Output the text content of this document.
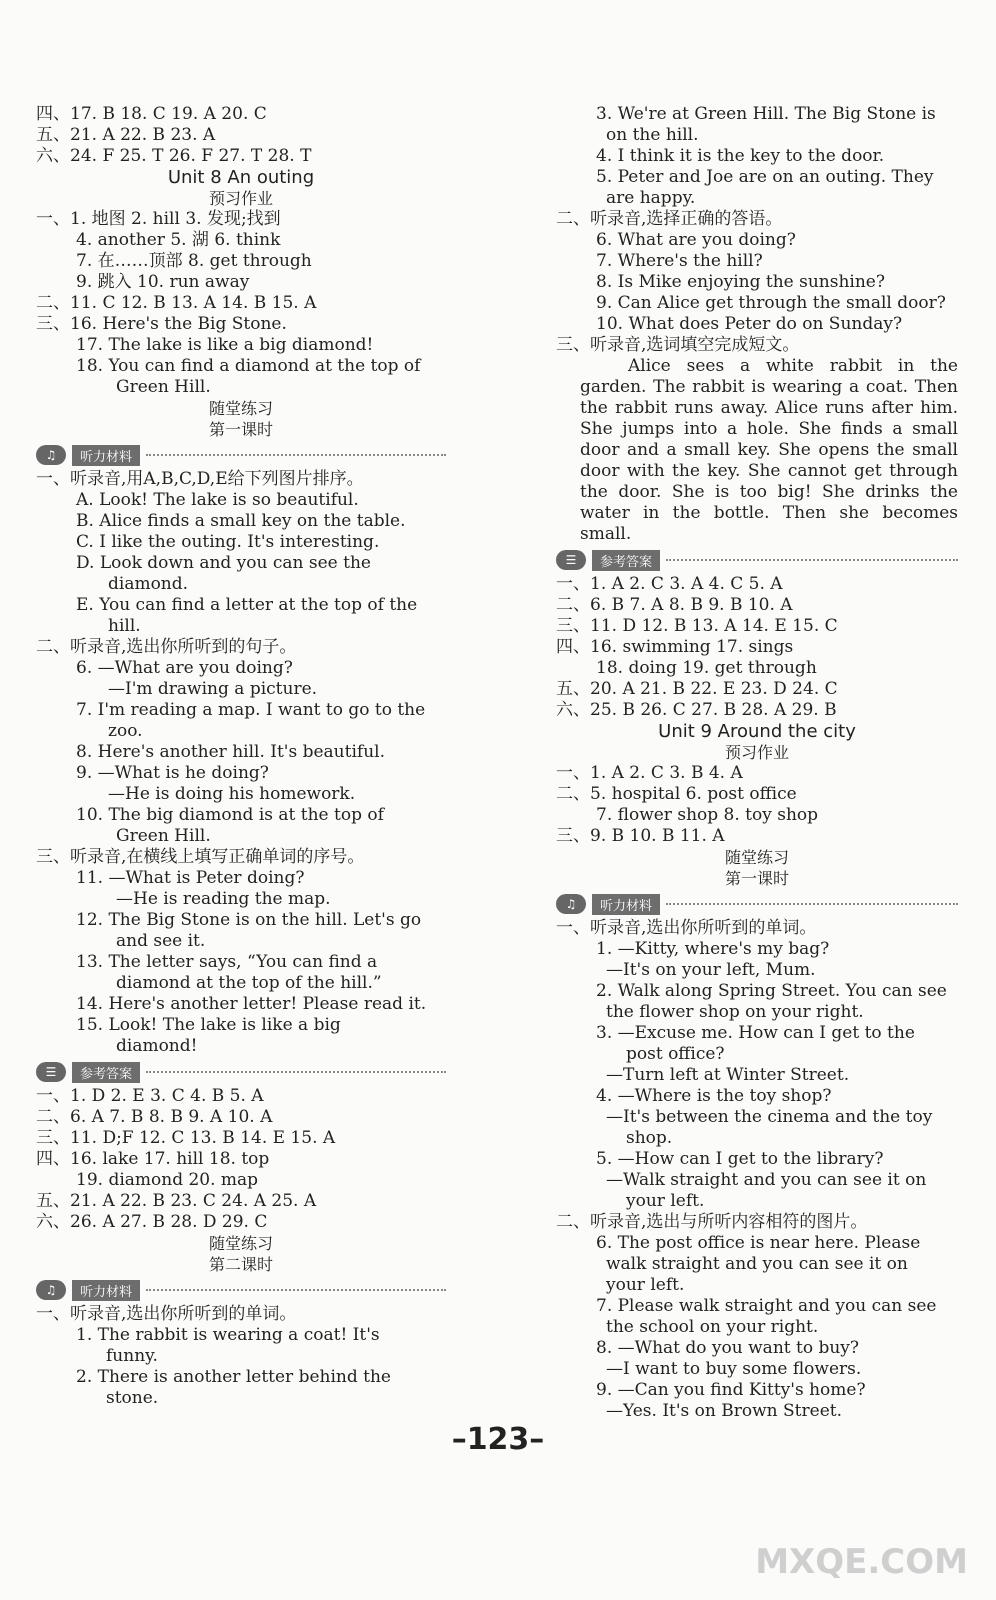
四、17. B 18. C 19. A 20. C
五、21. A 22. B 23. A
六、24. F 25. T 26. F 27. T 28. T
Unit 8 An outing
预习作业
一、1. 地图 2. hill 3. 发现;找到
4. another 5. 湖 6. think
7. 在……顶部 8. get through
9. 跳入 10. run away
二、11. C 12. B 13. A 14. B 15. A
三、16. Here's the Big Stone.
17. The lake is like a big diamond!
18. You can find a diamond at the top of
Green Hill.
随堂练习
第一课时
♫	听力材料
一、听录音,用A,B,C,D,E给下列图片排序。
A. Look! The lake is so beautiful.
B. Alice finds a small key on the table.
C. I like the outing. It's interesting.
D. Look down and you can see the
diamond.
E. You can find a letter at the top of the
hill.
二、听录音,选出你所听到的句子。
6. —What are you doing?
—I'm drawing a picture.
7. I'm reading a map. I want to go to the
zoo.
8. Here's another hill. It's beautiful.
9. —What is he doing?
—He is doing his homework.
10. The big diamond is at the top of
Green Hill.
三、听录音,在横线上填写正确单词的序号。
11. —What is Peter doing?
—He is reading the map.
12. The Big Stone is on the hill. Let's go
and see it.
13. The letter says, “You can find a
diamond at the top of the hill.”
14. Here's another letter! Please read it.
15. Look! The lake is like a big
diamond!
☰	参考答案
一、1. D 2. E 3. C 4. B 5. A
二、6. A 7. B 8. B 9. A 10. A
三、11. D;F 12. C 13. B 14. E 15. A
四、16. lake 17. hill 18. top
19. diamond 20. map
五、21. A 22. B 23. C 24. A 25. A
六、26. A 27. B 28. D 29. C
随堂练习
第二课时
♫	听力材料
一、听录音,选出你所听到的单词。
1. The rabbit is wearing a coat! It's
funny.
2. There is another letter behind the
stone.
3. We're at Green Hill. The Big Stone is
on the hill.
4. I think it is the key to the door.
5. Peter and Joe are on an outing. They
are happy.
二、听录音,选择正确的答语。
6. What are you doing?
7. Where's the hill?
8. Is Mike enjoying the sunshine?
9. Can Alice get through the small door?
10. What does Peter do on Sunday?
三、听录音,选词填空完成短文。
Alice sees a white rabbit in the garden. The rabbit is wearing a coat. Then the rabbit runs away. Alice runs after him. She jumps into a hole. She finds a small door and a small key. She opens the small door with the key. She cannot get through the door. She is too big! She drinks the water in the bottle. Then she becomes small.
☰	参考答案
一、1. A 2. C 3. A 4. C 5. A
二、6. B 7. A 8. B 9. B 10. A
三、11. D 12. B 13. A 14. E 15. C
四、16. swimming 17. sings
18. doing 19. get through
五、20. A 21. B 22. E 23. D 24. C
六、25. B 26. C 27. B 28. A 29. B
Unit 9 Around the city
预习作业
一、1. A 2. C 3. B 4. A
二、5. hospital 6. post office
7. flower shop 8. toy shop
三、9. B 10. B 11. A
随堂练习
第一课时
♫	听力材料
一、听录音,选出你所听到的单词。
1. —Kitty, where's my bag?
—It's on your left, Mum.
2. Walk along Spring Street. You can see
the flower shop on your right.
3. —Excuse me. How can I get to the
post office?
—Turn left at Winter Street.
4. —Where is the toy shop?
—It's between the cinema and the toy
shop.
5. —How can I get to the library?
—Walk straight and you can see it on
your left.
二、听录音,选出与所听内容相符的图片。
6. The post office is near here. Please
walk straight and you can see it on
your left.
7. Please walk straight and you can see
the school on your right.
8. —What do you want to buy?
—I want to buy some flowers.
9. —Can you find Kitty's home?
—Yes. It's on Brown Street.
–123–
MXQE.COM
